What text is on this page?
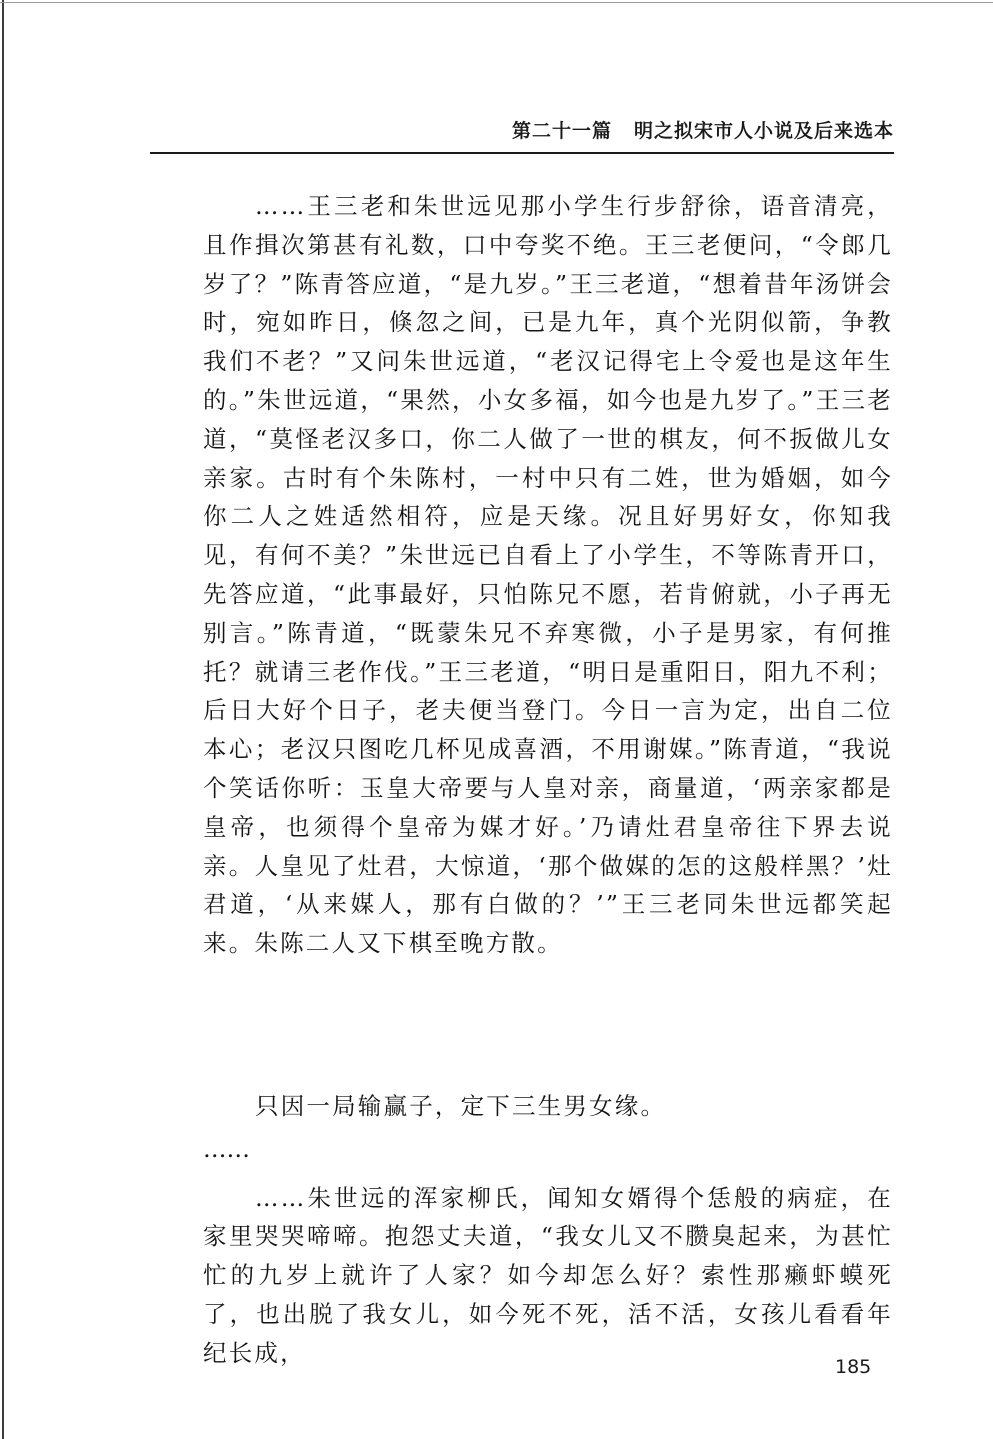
第二十一篇 明之拟宋市人小说及后来选本

……王三老和朱世远见那小学生行步舒徐，语音清亮，且作揖次第甚有礼数，口中夸奖不绝。王三老便问，“令郎几岁了？”陈青答应道，“是九岁。”王三老道，“想着昔年汤饼会时，宛如昨日，倏忽之间，已是九年，真个光阴似箭，争教我们不老？”又问朱世远道，“老汉记得宅上令爱也是这年生的。”朱世远道，“果然，小女多福，如今也是九岁了。”王三老道，“莫怪老汉多口，你二人做了一世的棋友，何不扳做儿女亲家。古时有个朱陈村，一村中只有二姓，世为婚姻，如今你二人之姓适然相符，应是天缘。况且好男好女，你知我见，有何不美？”朱世远已自看上了小学生，不等陈青开口，先答应道，“此事最好，只怕陈兄不愿，若肯俯就，小子再无别言。”陈青道，“既蒙朱兄不弃寒微，小子是男家，有何推托？就请三老作伐。”王三老道，“明日是重阳日，阳九不利；后日大好个日子，老夫便当登门。今日一言为定，出自二位本心；老汉只图吃几杯见成喜酒，不用谢媒。”陈青道，“我说个笑话你听：玉皇大帝要与人皇对亲，商量道，‘两亲家都是皇帝，也须得个皇帝为媒才好。’乃请灶君皇帝往下界去说亲。人皇见了灶君，大惊道，‘那个做媒的怎的这般样黑？’灶君道，‘从来媒人，那有白做的？’”王三老同朱世远都笑起来。朱陈二人又下棋至晚方散。

只因一局输赢子，定下三生男女缘。

……

……朱世远的浑家柳氏，闻知女婿得个恁般的病症，在家里哭哭啼啼。抱怨丈夫道，“我女儿又不臜臭起来，为甚忙忙的九岁上就许了人家？如今却怎么好？索性那癞虾蟆死了，也出脱了我女儿，如今死不死，活不活，女孩儿看看年纪长成，

185
